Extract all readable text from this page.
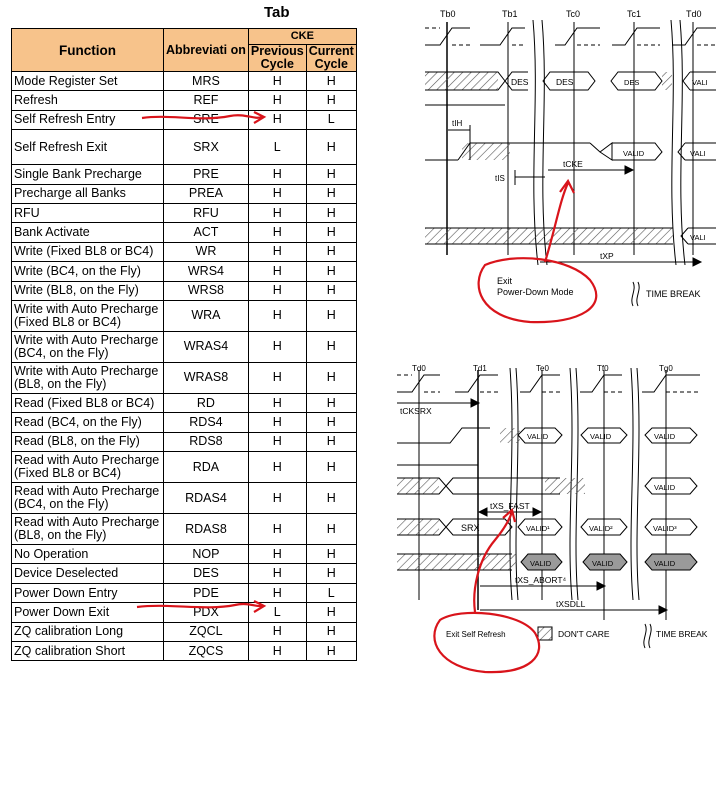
Tab
Function	Abbreviati on	CKE	
		Previous Cycle	Current Cycle
Mode Register Set	MRS	H	H
Refresh	REF	H	H
Self Refresh Entry	SRE	H	L
Self Refresh Exit	SRX	L	H
Single Bank Precharge	PRE	H	H
Precharge all Banks	PREA	H	H
RFU	RFU	H	H
Bank Activate	ACT	H	H
Write (Fixed BL8 or BC4)	WR	H	H
Write (BC4, on the Fly)	WRS4	H	H
Write (BL8, on the Fly)	WRS8	H	H
Write with Auto Precharge (Fixed BL8 or BC4)	WRA	H	H
Write with Auto Precharge (BC4, on the Fly)	WRAS4	H	H
Write with Auto Precharge (BL8, on the Fly)	WRAS8	H	H
Read (Fixed BL8 or BC4)	RD	H	H
Read (BC4, on the Fly)	RDS4	H	H
Read (BL8, on the Fly)	RDS8	H	H
Read with Auto Precharge (Fixed BL8 or BC4)	RDA	H	H
Read with Auto Precharge (BC4, on the Fly)	RDAS4	H	H
Read with Auto Precharge (BL8, on the Fly)	RDAS8	H	H
No Operation	NOP	H	H
Device Deselected	DES	H	H
Power Down Entry	PDE	H	L
Power Down Exit	PDX	L	H
ZQ calibration Long	ZQCL	H	H
ZQ calibration Short	ZQCS	H	H
Tb0	Tb1	Tc0	Tc1	Td0
DES	DES	DES	VALI
VALID	VALI
VALI
tIH
tIS
tCKE
tXP
TIME BREAK
Exit Power-Down Mode
Td0	Td1	Te0	Tf0	Tg0
tCKSRX
VALID	VALID	VALID
VALID
SRX	VALID¹	VALID²	VALID³
VALID	VALID	VALID
tXS_FAST
tXS_ABORT⁴
tXSDLL
Exit Self Refresh	DON'T CARE	TIME BREAK
